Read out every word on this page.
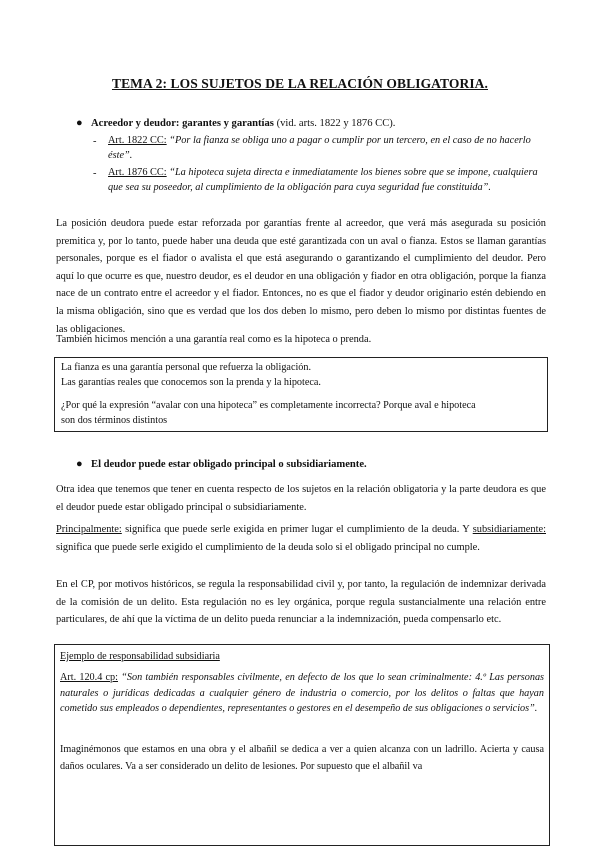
TEMA 2: LOS SUJETOS DE LA RELACIÓN OBLIGATORIA.
● Acreedor y deudor: garantes y garantías (vid. arts. 1822 y 1876 CC).
- Art. 1822 CC: “Por la fianza se obliga uno a pagar o cumplir por un tercero, en el caso de no hacerlo éste”.
- Art. 1876 CC: “La hipoteca sujeta directa e inmediatamente los bienes sobre que se impone, cualquiera que sea su poseedor, al cumplimiento de la obligación para cuya seguridad fue constituida”.
La posición deudora puede estar reforzada por garantías frente al acreedor, que verá más asegurada su posición premitica y, por lo tanto, puede haber una deuda que esté garantizada con un aval o fianza. Estos se llaman garantías personales, porque es el fiador o avalista el que está asegurando o garantizando el cumplimiento del deudor. Pero aquí lo que ocurre es que, nuestro deudor, es el deudor en una obligación y fiador en otra obligación, porque la fianza nace de un contrato entre el acreedor y el fiador. Entonces, no es que el fiador y deudor originario estén debiendo en la misma obligación, sino que es verdad que los dos deben lo mismo, pero deben lo mismo por distintas fuentes de las obligaciones.
También hicimos mención a una garantía real como es la hipoteca o prenda.
La fianza es una garantía personal que refuerza la obligación.
Las garantías reales que conocemos son la prenda y la hipoteca.
¿Por qué la expresión “avalar con una hipoteca” es completamente incorrecta? Porque aval e hipoteca
son dos términos distintos
● El deudor puede estar obligado principal o subsidiariamente.
Otra idea que tenemos que tener en cuenta respecto de los sujetos en la relación obligatoria y la parte deudora es que el deudor puede estar obligado principal o subsidiariamente.
Principalmente: significa que puede serle exigida en primer lugar el cumplimiento de la deuda. Y subsidiariamente: significa que puede serle exigido el cumplimiento de la deuda solo si el obligado principal no cumple.
En el CP, por motivos históricos, se regula la responsabilidad civil y, por tanto, la regulación de indemnizar derivada de la comisión de un delito. Esta regulación no es ley orgánica, porque regula sustancialmente una relación entre particulares, de ahí que la víctima de un delito pueda renunciar a la indemnización, pueda compensarlo etc.
Ejemplo de responsabilidad subsidiaria
Art. 120.4 cp: “Son también responsables civilmente, en defecto de los que lo sean criminalmente: 4.º Las personas naturales o jurídicas dedicadas a cualquier género de industria o comercio, por los delitos o faltas que hayan cometido sus empleados o dependientes, representantes o gestores en el desempeño de sus obligaciones o servicios”.
Imaginémonos que estamos en una obra y el albañil se dedica a ver a quien alcanza con un ladrillo. Acierta y causa daños oculares. Va a ser considerado un delito de lesiones. Por supuesto que el albañil va
